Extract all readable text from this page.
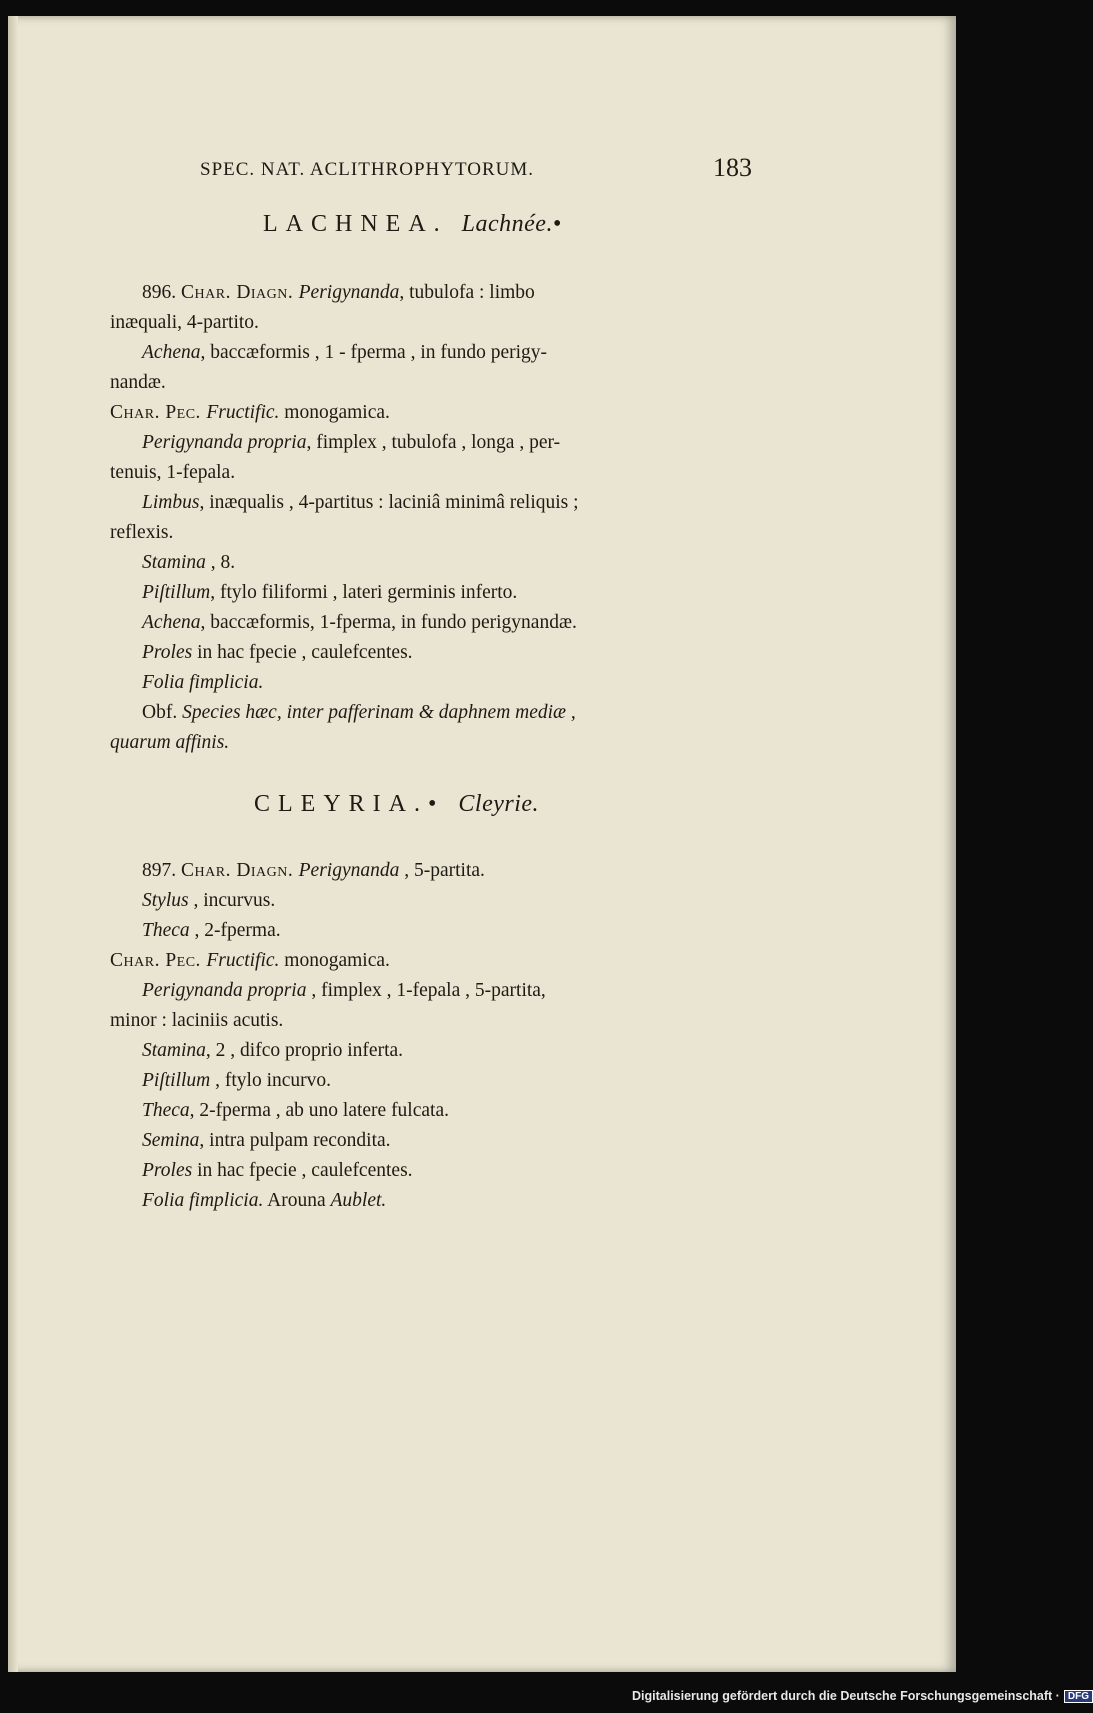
SPEC. NAT. ACLITHROPHYTORUM.	183
LACHNEA. Lachnée.•
896. Char. Diagn. Perigynanda, tubulofa : limbo
inæquali, 4-partito.
Achena, baccæformis , 1 - fperma , in fundo perigy-
nandæ.
Char. Pec. Fructific. monogamica.
Perigynanda propria, fimplex , tubulofa , longa , per-
tenuis, 1-fepala.
Limbus, inæqualis , 4-partitus : laciniâ minimâ reliquis ;
reflexis.
Stamina , 8.
Piſtillum, ftylo filiformi , lateri germinis inferto.
Achena, baccæformis, 1-fperma, in fundo perigynandæ.
Proles in hac fpecie , caulefcentes.
Folia fimplicia.
Obf. Species hæc, inter pafferinam & daphnem mediæ ,
quarum affinis.
CLEYRIA.• Cleyrie.
897. Char. Diagn. Perigynanda , 5-partita.
Stylus , incurvus.
Theca , 2-fperma.
Char. Pec. Fructific. monogamica.
Perigynanda propria , fimplex , 1-fepala , 5-partita,
minor : laciniis acutis.
Stamina, 2 , difco proprio inferta.
Piſtillum , ftylo incurvo.
Theca, 2-fperma , ab uno latere fulcata.
Semina, intra pulpam recondita.
Proles in hac fpecie , caulefcentes.
Folia fimplicia. Arouna Aublet.
Digitalisierung gefördert durch die Deutsche Forschungsgemeinschaft · DFG
